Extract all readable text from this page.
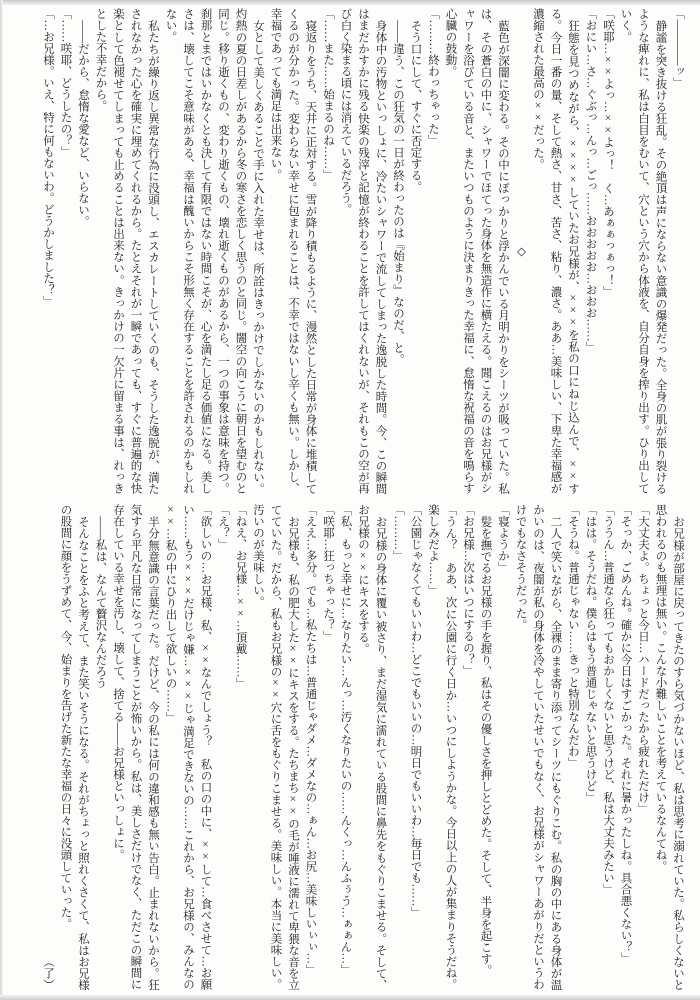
「――――ッ」

静謐を突き抜ける狂乱。その絶頂は声にならない意識の爆発だった。全身の肌が張り裂けるような痺れに、私は白目をむいて、穴という穴から体液を、自分自身を搾り出す。ひり出していく。

「咲耶…××よっ…××よっ！　く…あぁぁっぁっ！」

「おにい…さ…ぐぶっ…んっ…ごっ……おおおおお…おおお……」

狂態を見つめながら、××××していたお兄様が、×××を私の口にねじ込んで、××する。今日一番の量、そして熱さ、甘さ、苦さ、粘り、濃さ。ああ…美味しい、下卑た幸福感が濃縮された最高の××だった。

◇

藍色が深闇に変わる。その中にぽっかりと浮かんでいる月明かりをシーツが吸っていた。私は、その蒼白の中に、シャワーでほてった身体を無造作に横たえる。聞こえるのはお兄様がシャワーを浴びている音と、またいつものように決まりきった幸福に、怠惰な祝福の音を鳴らす心臓の鼓動。

「………終わっちゃった」

そう口にして、すぐに否定する。

――違う、この狂気の一日が終わったのは『始まり』なのだ、と。

身体中の汚物といっしょに、冷たいシャワーで流してしまった逸脱した時間。今、この瞬間はまだかすかに残る快楽の残滓と記憶が終わることを許してはくれないが、それもこの空が再び白く染まる頃には消えているだろう。

「……また……始まるのね……」

寝返りをうち、天井に正対する。雪が降り積もるように、漫然とした日常が身体に堆積してくるのが分かった。変わらない幸せに包まれることは、不幸ではないし辛くも無い。しかし、幸福であっても満足は出来ない。

女として美しくあることで手に入れた幸せは、所詮はきっかけでしかないのかもしれない。灼熱の夏の日差しがあるから冬の寒さを恋しく思うのと同じ。闇空の向こうに朝日を望むのと同じ。移り逝くもの、変わり逝くもの、壊れ逝くものがあるから、一つの事象は意味を持つ。刹那とまではいかなくとも決して有限ではない時間こそが、心を満たし足る価値になる。美しさは、壊してこそ意味がある、幸福は醜いからこそ形無く存在することを許されるのかもしれない。

私たちが繰り返し異常な行為に没頭し、エスカレートしていくのも、そうした逸脱が、満たされなかった心を確実に埋めてくれるから。たとえそれが一瞬であっても、すぐに普遍的な快楽として色褪せてしまっても止めることは出来ない。きっかけの一欠片に留まる事は、れっきとした不幸だから。

――だから、怠惰な愛など、いらない。

「……咲耶、どうしたの？」

「…お兄様。いえ、特に何もないわ。どうかしました？」

お兄様が部屋に戻ってきたのすら気づかないほど、私は思考に溺れていた。私らしくないと思われるのも無理は無い。こんな小難しいことを考えているなんてね。

「大丈夫よ。ちょっと今日…ハードだったから疲れただけ」

「そっか、ごめんね。確かに今日はすごかった。それに暑かったしね。具合悪くない？」

「ううん…普通なら狂ってもおかしくないと思うけど、私は大丈夫みたい」

「はは。そうだね。僕らはもう普通じゃないと思うけど」

「そうね。普通じゃない……きっと特別なんだわ」

二人で笑いながら、全裸のまま寄り添ってシーツにもぐりこむ。私の胸の中にある身体が温かいのは、夜闇が私の身体を冷やしていたせいでもなく、お兄様がシャワーあがりだというわけでもなさそうだった。

「寝ようか」

髪を撫でるお兄様の手を握り、私はその優しさを押しとどめた。そして、半身を起こす。

「お兄様…次はいつにするの？」

「うん？　ああ、次に公園に行く日か…いつにしようかな。今日以上の人が集まりそうだね。楽しみだよ……」

「公園じゃなくてもいいわ…どこでもいいの…明日でもいいわ…毎日でも……」

「………」

お兄様の身体に覆い被さり、まだ湿気に濡れている股間に鼻先をもぐりこませる。そして、お兄様の××にキスをする。

「私、もっと幸せに…なりたい…んっ…汚くなりたいの……んくっ…んふぅう…ぁぁん…」

「咲耶…狂っちゃった？」

「ええ…多分。でも…私たちは…普通じゃダメ…ダメなの…ぁん…お尻…美味しいぃぃ…」

お兄様も、私の肥大した××にキスをする。たちまち××の毛が唾液に濡れて卑猥な音を立てていた。だから、私もお兄様の××穴に舌をもぐりこませる。美味しい。本当に美味しい。汚いのが美味しい。

「ねえ、お兄様…××…頂戴……」

「え？」

「欲しいの…お兄様、私、××なんでしょう？　私の口の中に、××して…食べさせて…お願い……もう×××だけじゃ嫌…×××じゃ満足できないの……これから、お兄様の、みんなの××…私の中にひり出して欲しいの……」

半分無意識の言葉だった。だけど、今の私には何の違和感も無い告白。止まれないから。狂気すら平凡な日常になってしまうことが怖いから。私は、美しさだけでなく、ただこの瞬間に存在している幸せを汚し、壊して、捨てる――お兄様といっしょに。

――私は、なんて贅沢なんだろう

そんなことをふと考えて、また笑いそうになる。それがちょっと照れくさくて、私はお兄様の股間に顔をうずめて、今、始まりを告げた新たな幸福の日々に没頭していった。

（了）
